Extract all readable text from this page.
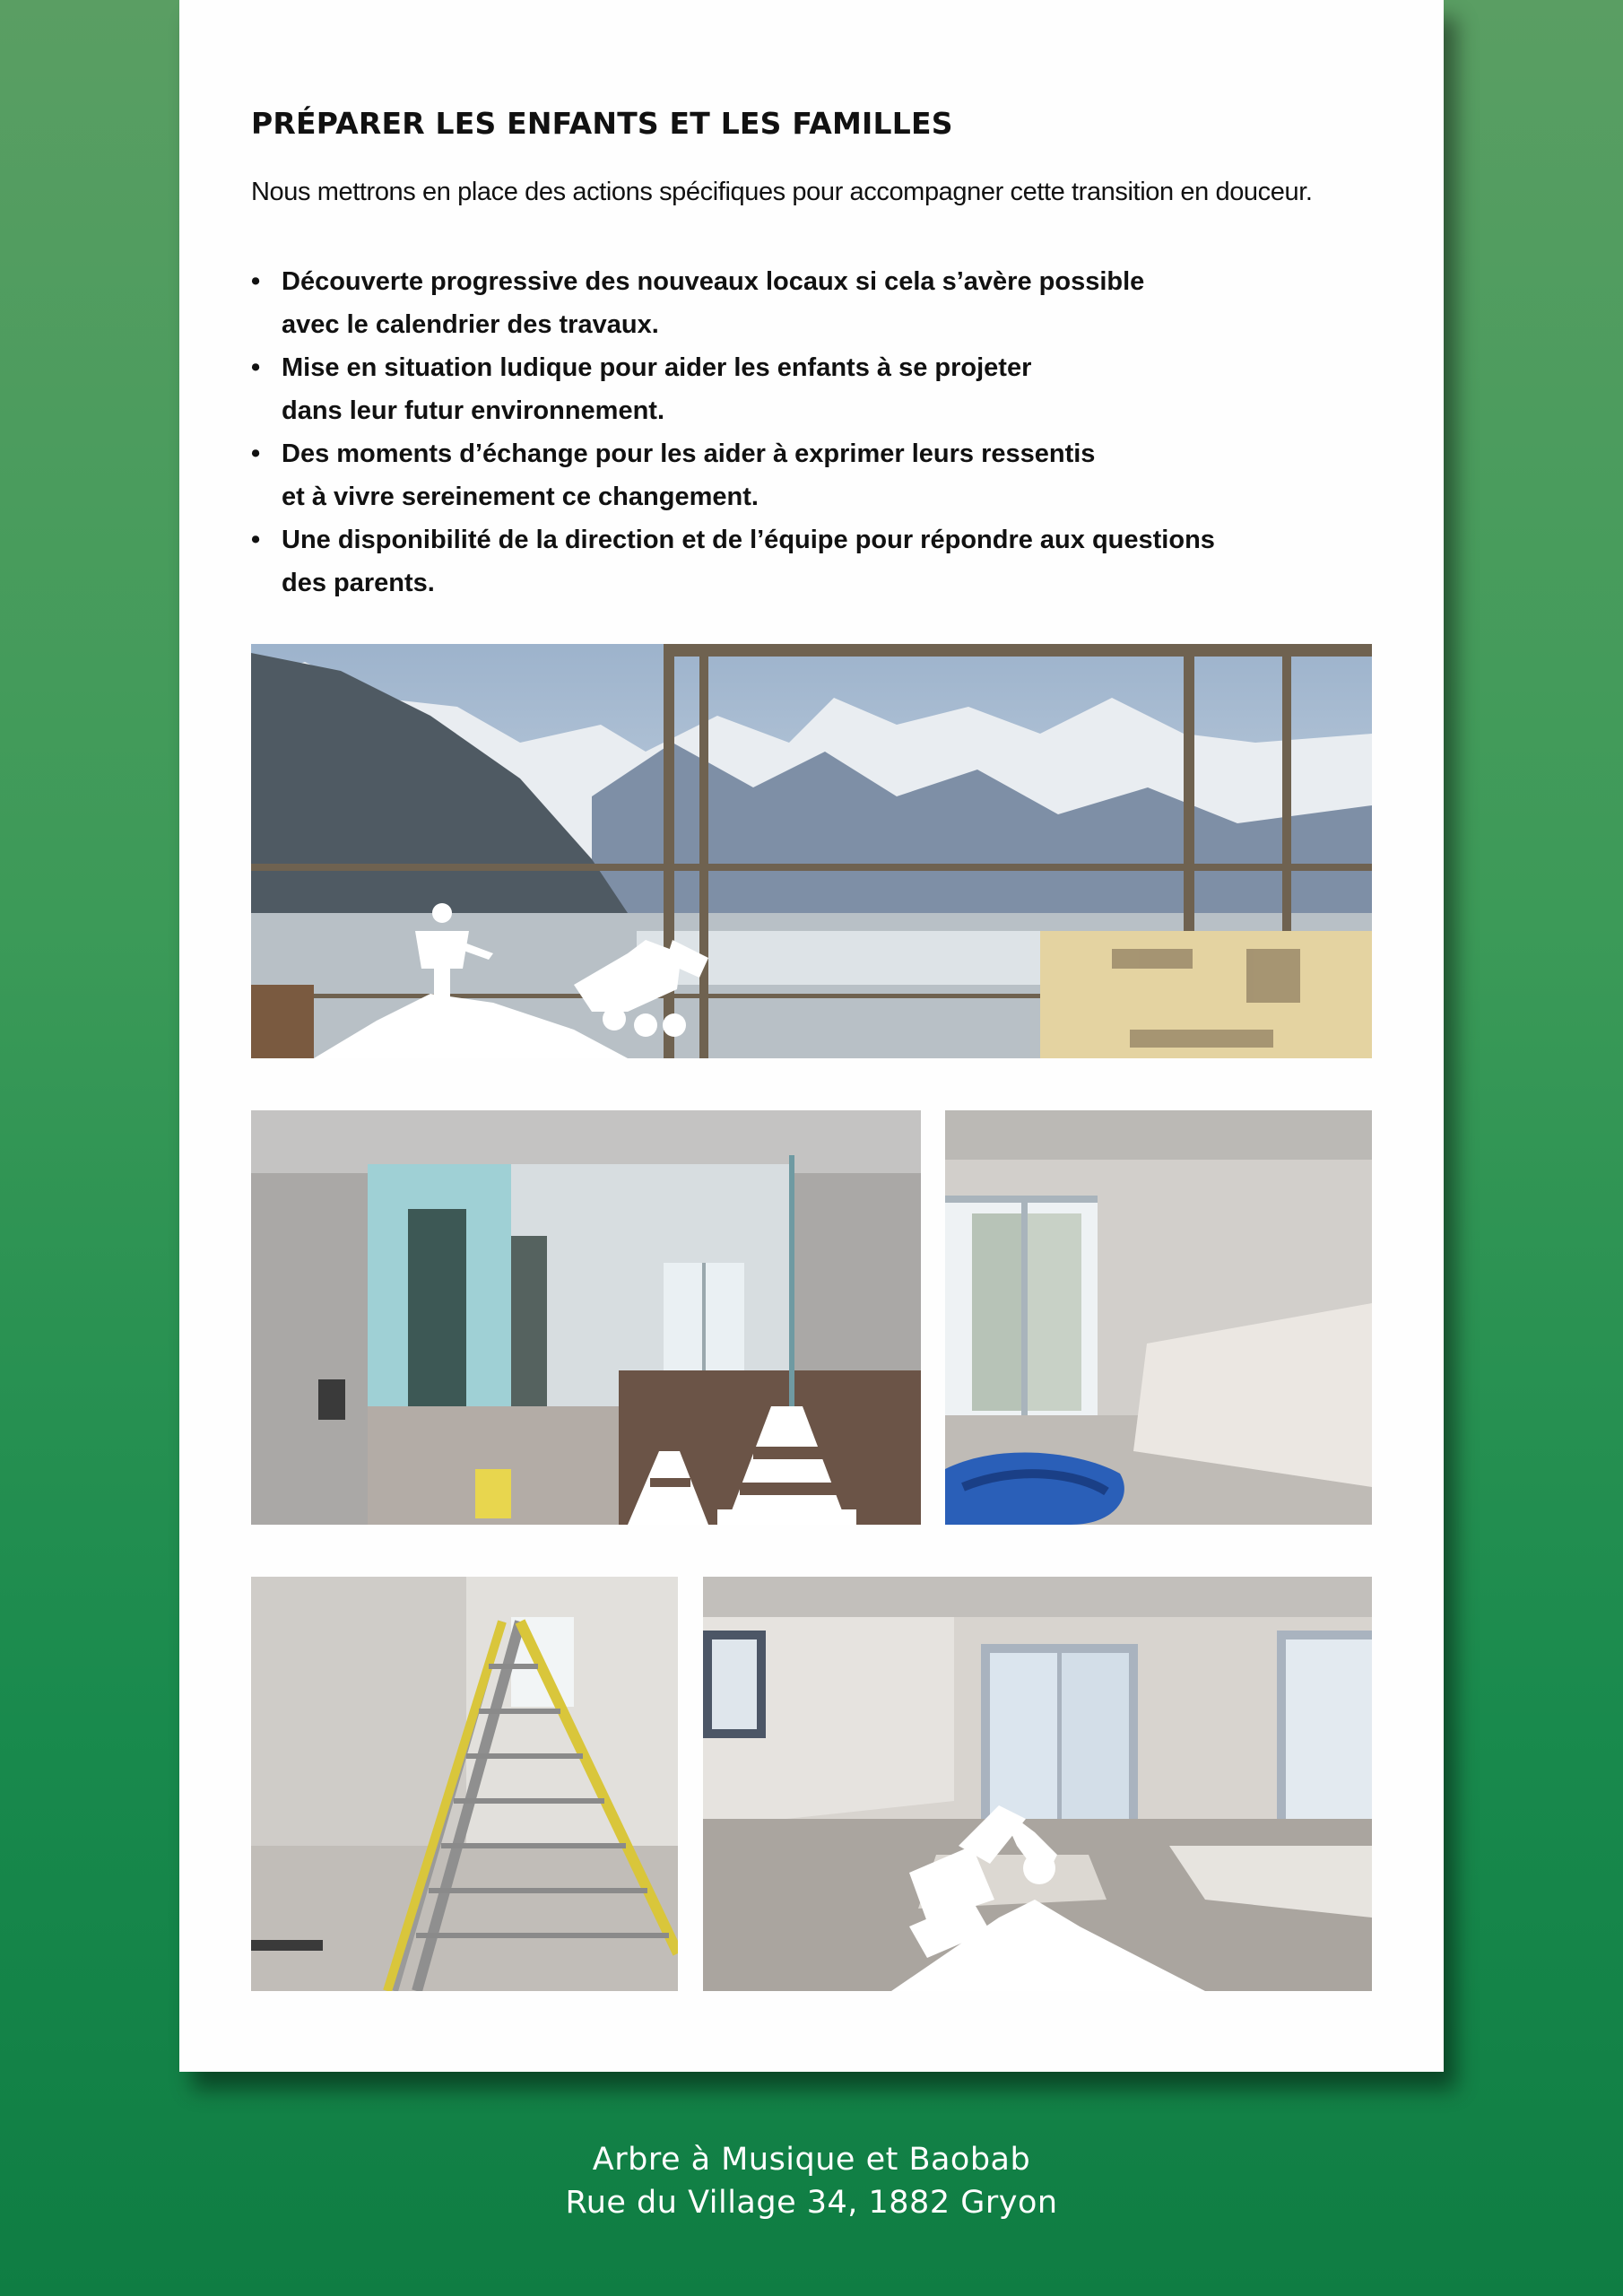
PRÉPARER LES ENFANTS ET LES FAMILLES

Nous mettrons en place des actions spécifiques pour accompagner cette transition en douceur.

• Découverte progressive des nouveaux locaux si cela s’avère possible
avec le calendrier des travaux.
• Mise en situation ludique pour aider les enfants à se projeter
dans leur futur environnement.
• Des moments d’échange pour les aider à exprimer leurs ressentis
et à vivre sereinement ce changement.
• Une disponibilité de la direction et de l’équipe pour répondre aux questions
des parents.
Arbre à Musique et Baobab
Rue du Village 34, 1882 Gryon
